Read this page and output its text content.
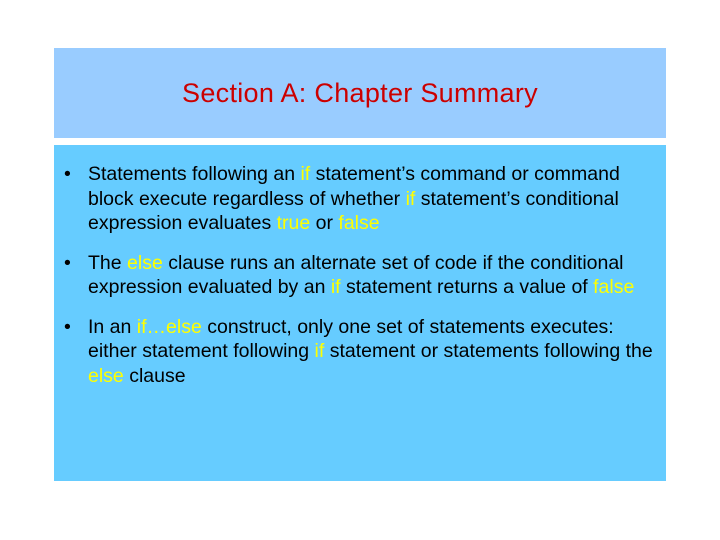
Section A: Chapter Summary
• Statements following an if statement’s command or command block execute regardless of whether if statement’s conditional expression evaluates true or false
• The else clause runs an alternate set of code if the conditional expression evaluated by an if statement returns a value of false
• In an if…else construct, only one set of statements executes: either statement following if statement or statements following the else clause
